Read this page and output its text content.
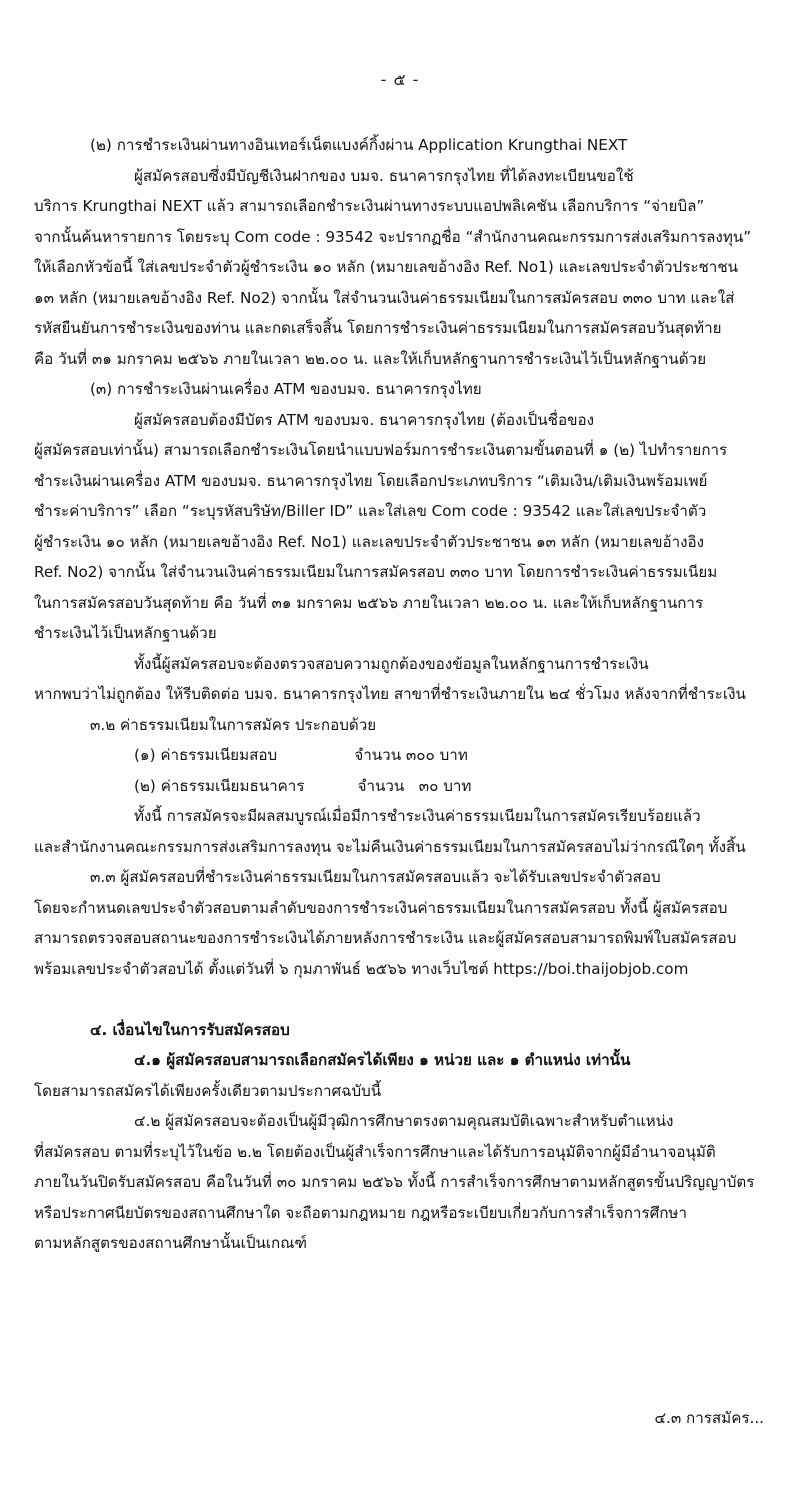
- ๕ -
(๒) การชำระเงินผ่านทางอินเทอร์เน็ตแบงค์กิ้งผ่าน Application Krungthai NEXT
ผู้สมัครสอบซึ่งมีบัญชีเงินฝากของ บมจ. ธนาคารกรุงไทย ที่ได้ลงทะเบียนขอใช้
บริการ Krungthai NEXT แล้ว สามารถเลือกชำระเงินผ่านทางระบบแอปพลิเคชัน เลือกบริการ “จ่ายบิล”
จากนั้นค้นหารายการ โดยระบุ Com code : 93542 จะปรากฏชื่อ “สำนักงานคณะกรรมการส่งเสริมการลงทุน”
ให้เลือกหัวข้อนี้ ใส่เลขประจำตัวผู้ชำระเงิน ๑๐ หลัก (หมายเลขอ้างอิง Ref. No1) และเลขประจำตัวประชาชน
๑๓ หลัก (หมายเลขอ้างอิง Ref. No2) จากนั้น ใส่จำนวนเงินค่าธรรมเนียมในการสมัครสอบ ๓๓๐ บาท และใส่
รหัสยืนยันการชำระเงินของท่าน และกดเสร็จสิ้น โดยการชำระเงินค่าธรรมเนียมในการสมัครสอบวันสุดท้าย
คือ วันที่ ๓๑ มกราคม ๒๕๖๖ ภายในเวลา ๒๒.๐๐ น. และให้เก็บหลักฐานการชำระเงินไว้เป็นหลักฐานด้วย
(๓) การชำระเงินผ่านเครื่อง ATM ของบมจ. ธนาคารกรุงไทย
ผู้สมัครสอบต้องมีบัตร ATM ของบมจ. ธนาคารกรุงไทย (ต้องเป็นชื่อของ
ผู้สมัครสอบเท่านั้น) สามารถเลือกชำระเงินโดยนำแบบฟอร์มการชำระเงินตามขั้นตอนที่ ๑ (๒) ไปทำรายการ
ชำระเงินผ่านเครื่อง ATM ของบมจ. ธนาคารกรุงไทย โดยเลือกประเภทบริการ “เติมเงิน/เติมเงินพร้อมเพย์
ชำระค่าบริการ” เลือก “ระบุรหัสบริษัท/Biller ID” และใส่เลข Com code : 93542 และใส่เลขประจำตัว
ผู้ชำระเงิน ๑๐ หลัก (หมายเลขอ้างอิง Ref. No1) และเลขประจำตัวประชาชน ๑๓ หลัก (หมายเลขอ้างอิง
Ref. No2) จากนั้น ใส่จำนวนเงินค่าธรรมเนียมในการสมัครสอบ ๓๓๐ บาท โดยการชำระเงินค่าธรรมเนียม
ในการสมัครสอบวันสุดท้าย คือ วันที่ ๓๑ มกราคม ๒๕๖๖ ภายในเวลา ๒๒.๐๐ น. และให้เก็บหลักฐานการ
ชำระเงินไว้เป็นหลักฐานด้วย
ทั้งนี้ผู้สมัครสอบจะต้องตรวจสอบความถูกต้องของข้อมูลในหลักฐานการชำระเงิน
หากพบว่าไม่ถูกต้อง ให้รีบติดต่อ บมจ. ธนาคารกรุงไทย สาขาที่ชำระเงินภายใน ๒๔ ชั่วโมง หลังจากที่ชำระเงิน
๓.๒ ค่าธรรมเนียมในการสมัคร ประกอบด้วย
(๑) ค่าธรรมเนียมสอบ                จำนวน ๓๐๐ บาท
(๒) ค่าธรรมเนียมธนาคาร           จำนวน   ๓๐ บาท
ทั้งนี้ การสมัครจะมีผลสมบูรณ์เมื่อมีการชำระเงินค่าธรรมเนียมในการสมัครเรียบร้อยแล้ว
และสำนักงานคณะกรรมการส่งเสริมการลงทุน จะไม่คืนเงินค่าธรรมเนียมในการสมัครสอบไม่ว่ากรณีใดๆ ทั้งสิ้น
๓.๓ ผู้สมัครสอบที่ชำระเงินค่าธรรมเนียมในการสมัครสอบแล้ว จะได้รับเลขประจำตัวสอบ
โดยจะกำหนดเลขประจำตัวสอบตามลำดับของการชำระเงินค่าธรรมเนียมในการสมัครสอบ ทั้งนี้ ผู้สมัครสอบ
สามารถตรวจสอบสถานะของการชำระเงินได้ภายหลังการชำระเงิน และผู้สมัครสอบสามารถพิมพ์ใบสมัครสอบ
พร้อมเลขประจำตัวสอบได้ ตั้งแต่วันที่ ๖ กุมภาพันธ์ ๒๕๖๖ ทางเว็บไซต์ https://boi.thaijobjob.com

๔. เงื่อนไขในการรับสมัครสอบ
๔.๑ ผู้สมัครสอบสามารถเลือกสมัครได้เพียง ๑ หน่วย และ ๑ ตำแหน่ง เท่านั้น
โดยสามารถสมัครได้เพียงครั้งเดียวตามประกาศฉบับนี้
๔.๒ ผู้สมัครสอบจะต้องเป็นผู้มีวุฒิการศึกษาตรงตามคุณสมบัติเฉพาะสำหรับตำแหน่ง
ที่สมัครสอบ ตามที่ระบุไว้ในข้อ ๒.๒ โดยต้องเป็นผู้สำเร็จการศึกษาและได้รับการอนุมัติจากผู้มีอำนาจอนุมัติ
ภายในวันปิดรับสมัครสอบ คือในวันที่ ๓๐ มกราคม ๒๕๖๖ ทั้งนี้ การสำเร็จการศึกษาตามหลักสูตรขั้นปริญญาบัตร
หรือประกาศนียบัตรของสถานศึกษาใด จะถือตามกฎหมาย กฎหรือระเบียบเกี่ยวกับการสำเร็จการศึกษา
ตามหลักสูตรของสถานศึกษานั้นเป็นเกณฑ์
๔.๓ การสมัคร...
